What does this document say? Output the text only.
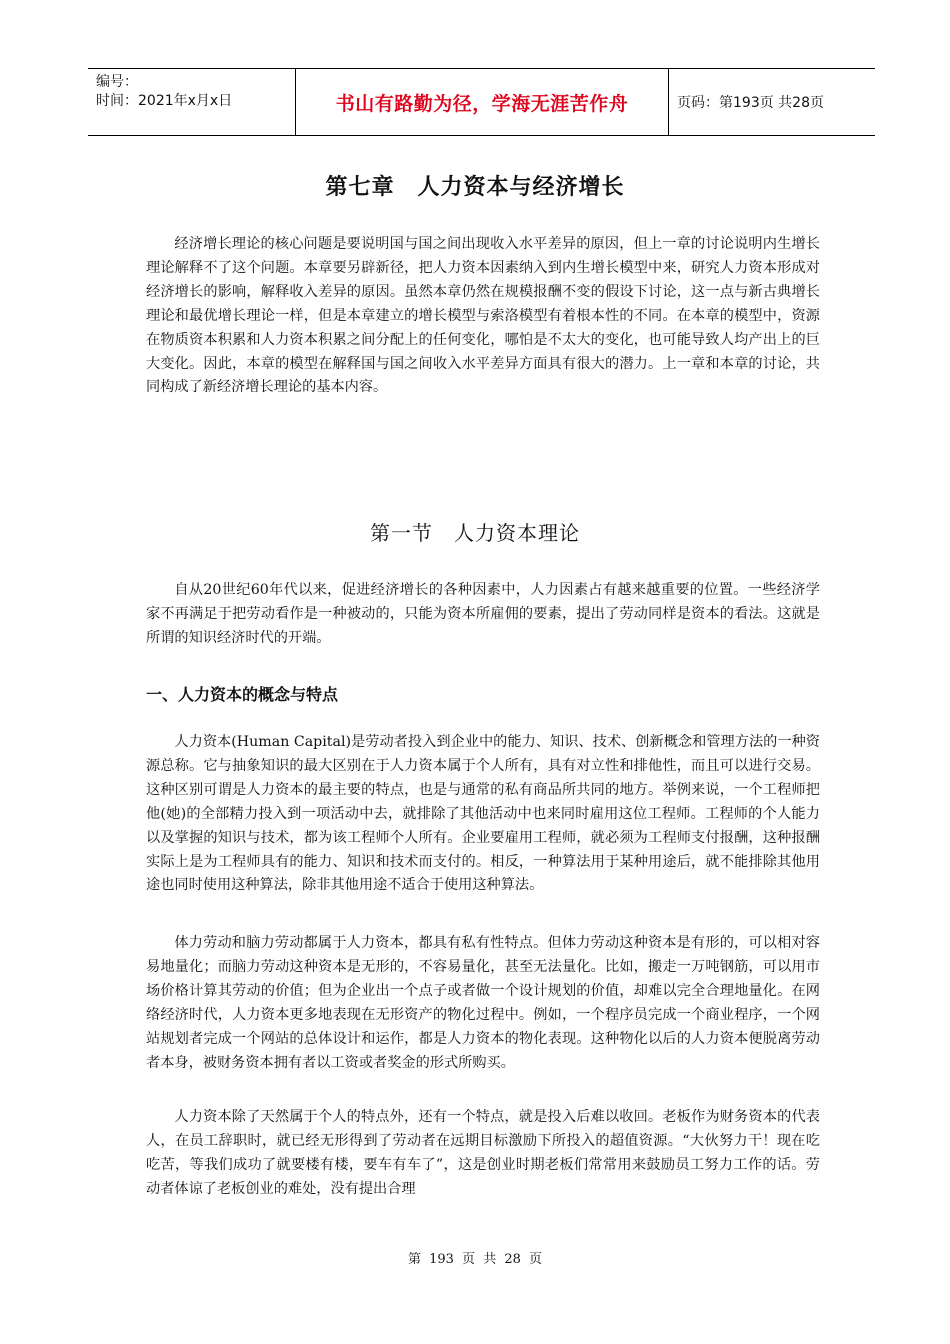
编号：
时间：2021年x月x日	书山有路勤为径，学海无涯苦作舟	页码：第193页 共28页
第七章　人力资本与经济增长

经济增长理论的核心问题是要说明国与国之间出现收入水平差异的原因，但上一章的讨论说明内生增长理论解释不了这个问题。本章要另辟新径，把人力资本因素纳入到内生增长模型中来，研究人力资本形成对经济增长的影响，解释收入差异的原因。虽然本章仍然在规模报酬不变的假设下讨论，这一点与新古典增长理论和最优增长理论一样，但是本章建立的增长模型与索洛模型有着根本性的不同。在本章的模型中，资源在物质资本积累和人力资本积累之间分配上的任何变化，哪怕是不太大的变化，也可能导致人均产出上的巨大变化。因此，本章的模型在解释国与国之间收入水平差异方面具有很大的潜力。上一章和本章的讨论，共同构成了新经济增长理论的基本内容。

第一节　人力资本理论

自从20世纪60年代以来，促进经济增长的各种因素中，人力因素占有越来越重要的位置。一些经济学家不再满足于把劳动看作是一种被动的，只能为资本所雇佣的要素，提出了劳动同样是资本的看法。这就是所谓的知识经济时代的开端。

一、人力资本的概念与特点

人力资本(Human Capital)是劳动者投入到企业中的能力、知识、技术、创新概念和管理方法的一种资源总称。它与抽象知识的最大区别在于人力资本属于个人所有，具有对立性和排他性，而且可以进行交易。这种区别可谓是人力资本的最主要的特点，也是与通常的私有商品所共同的地方。举例来说，一个工程师把他(她)的全部精力投入到一项活动中去，就排除了其他活动中也来同时雇用这位工程师。工程师的个人能力以及掌握的知识与技术，都为该工程师个人所有。企业要雇用工程师，就必须为工程师支付报酬，这种报酬实际上是为工程师具有的能力、知识和技术而支付的。相反，一种算法用于某种用途后，就不能排除其他用途也同时使用这种算法，除非其他用途不适合于使用这种算法。

体力劳动和脑力劳动都属于人力资本，都具有私有性特点。但体力劳动这种资本是有形的，可以相对容易地量化；而脑力劳动这种资本是无形的，不容易量化，甚至无法量化。比如，搬走一万吨钢筋，可以用市场价格计算其劳动的价值；但为企业出一个点子或者做一个设计规划的价值，却难以完全合理地量化。在网络经济时代，人力资本更多地表现在无形资产的物化过程中。例如，一个程序员完成一个商业程序，一个网站规划者完成一个网站的总体设计和运作，都是人力资本的物化表现。这种物化以后的人力资本便脱离劳动者本身，被财务资本拥有者以工资或者奖金的形式所购买。

人力资本除了天然属于个人的特点外，还有一个特点，就是投入后难以收回。老板作为财务资本的代表人，在员工辞职时，就已经无形得到了劳动者在远期目标激励下所投入的超值资源。“大伙努力干！现在吃吃苦，等我们成功了就要楼有楼，要车有车了”，这是创业时期老板们常常用来鼓励员工努力工作的话。劳动者体谅了老板创业的难处，没有提出合理

第 193 页 共 28 页
